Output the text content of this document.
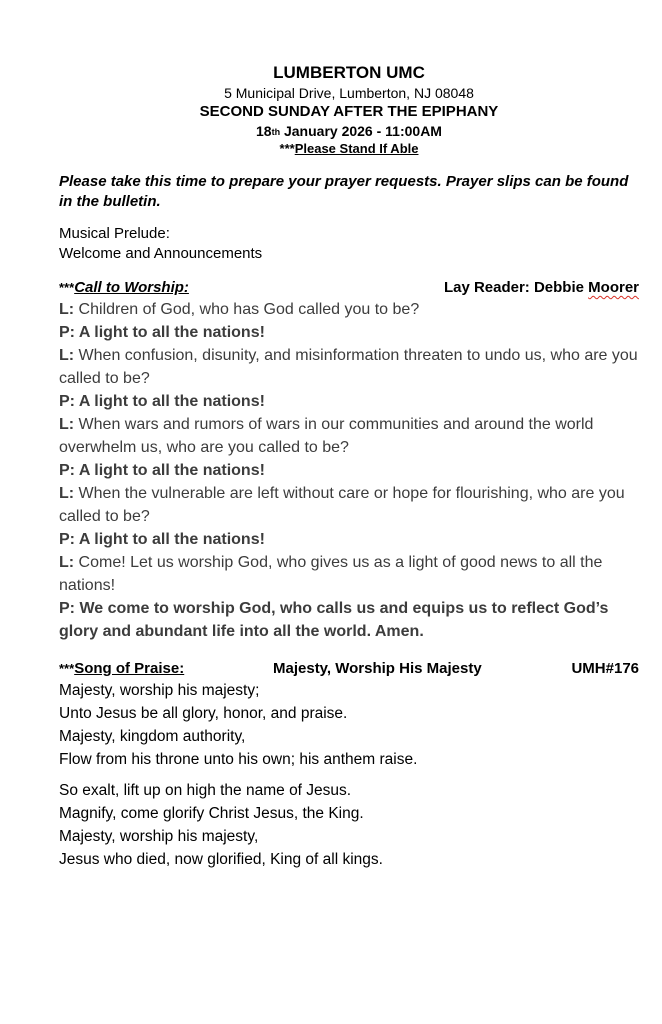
LUMBERTON UMC
5 Municipal Drive, Lumberton, NJ 08048
SECOND SUNDAY AFTER THE EPIPHANY
18th January 2026 - 11:00AM
***Please Stand If Able
Please take this time to prepare your prayer requests. Prayer slips can be found in the bulletin.
Musical Prelude:
Welcome and Announcements
***Call to Worship:	Lay Reader: Debbie Moorer

L: Children of God, who has God called you to be?

P: A light to all the nations!

L: When confusion, disunity, and misinformation threaten to undo us, who are you called to be?

P: A light to all the nations!

L: When wars and rumors of wars in our communities and around the world overwhelm us, who are you called to be?

P: A light to all the nations!

L: When the vulnerable are left without care or hope for flourishing, who are you called to be?

P: A light to all the nations!

L: Come! Let us worship God, who gives us as a light of good news to all the nations!

P: We come to worship God, who calls us and equips us to reflect God’s glory and abundant life into all the world. Amen.

***Song of Praise:	Majesty, Worship His Majesty	UMH#176
Majesty, worship his majesty;
Unto Jesus be all glory, honor, and praise.
Majesty, kingdom authority,
Flow from his throne unto his own; his anthem raise.
So exalt, lift up on high the name of Jesus.
Magnify, come glorify Christ Jesus, the King.
Majesty, worship his majesty,
Jesus who died, now glorified, King of all kings.
